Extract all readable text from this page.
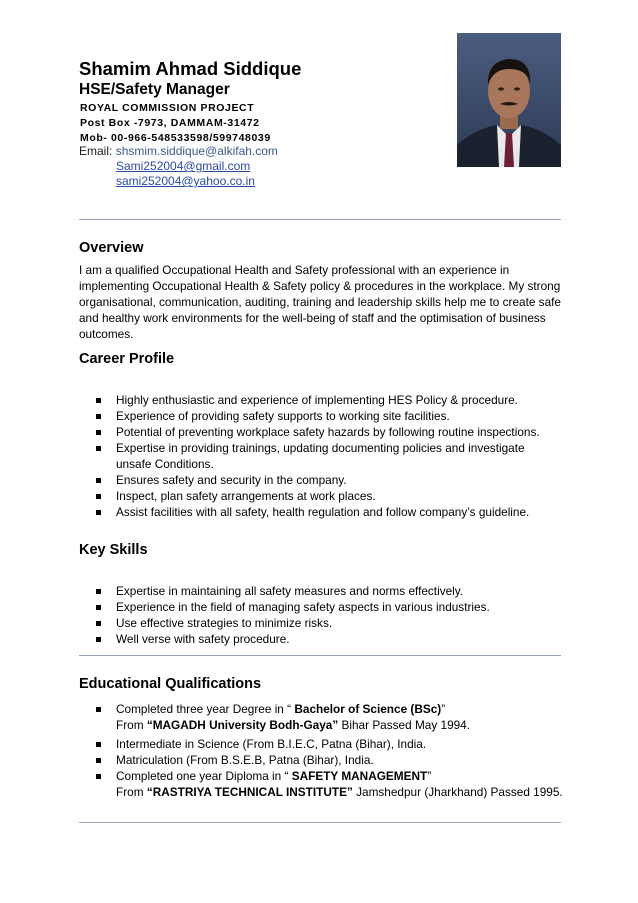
Shamim Ahmad Siddique
HSE/Safety Manager
ROYAL COMMISSION PROJECT
Post Box -7973, DAMMAM-31472
Mob- 00-966-548533598/599748039
Email: shsmim.siddique@alkifah.com
Sami252004@gmail.com
sami252004@yahoo.co.in
Overview
I am a qualified Occupational Health and Safety professional with an experience in
implementing Occupational Health & Safety policy & procedures in the workplace. My strong
organisational, communication, auditing, training and leadership skills help me to create safe
and healthy work environments for the well-being of staff and the optimisation of business
outcomes.
Career Profile
Highly enthusiastic and experience of implementing HES Policy & procedure.
Experience of providing safety supports to working site facilities.
Potential of preventing workplace safety hazards by following routine inspections.
Expertise in providing trainings, updating documenting policies and investigate
unsafe Conditions.
Ensures safety and security in the company.
Inspect, plan safety arrangements at work places.
Assist facilities with all safety, health regulation and follow company’s guideline.
Key Skills
Expertise in maintaining all safety measures and norms effectively.
Experience in the field of managing safety aspects in various industries.
Use effective strategies to minimize risks.
Well verse with safety procedure.
Educational Qualifications
Completed three year Degree in “ Bachelor of Science (BSc)”
From “MAGADH University Bodh-Gaya” Bihar Passed May 1994.
Intermediate in Science (From B.I.E.C, Patna (Bihar), India.
Matriculation (From B.S.E.B, Patna (Bihar), India.
Completed one year Diploma in “ SAFETY MANAGEMENT”
From “RASTRIYA TECHNICAL INSTITUTE” Jamshedpur (Jharkhand) Passed 1995.
